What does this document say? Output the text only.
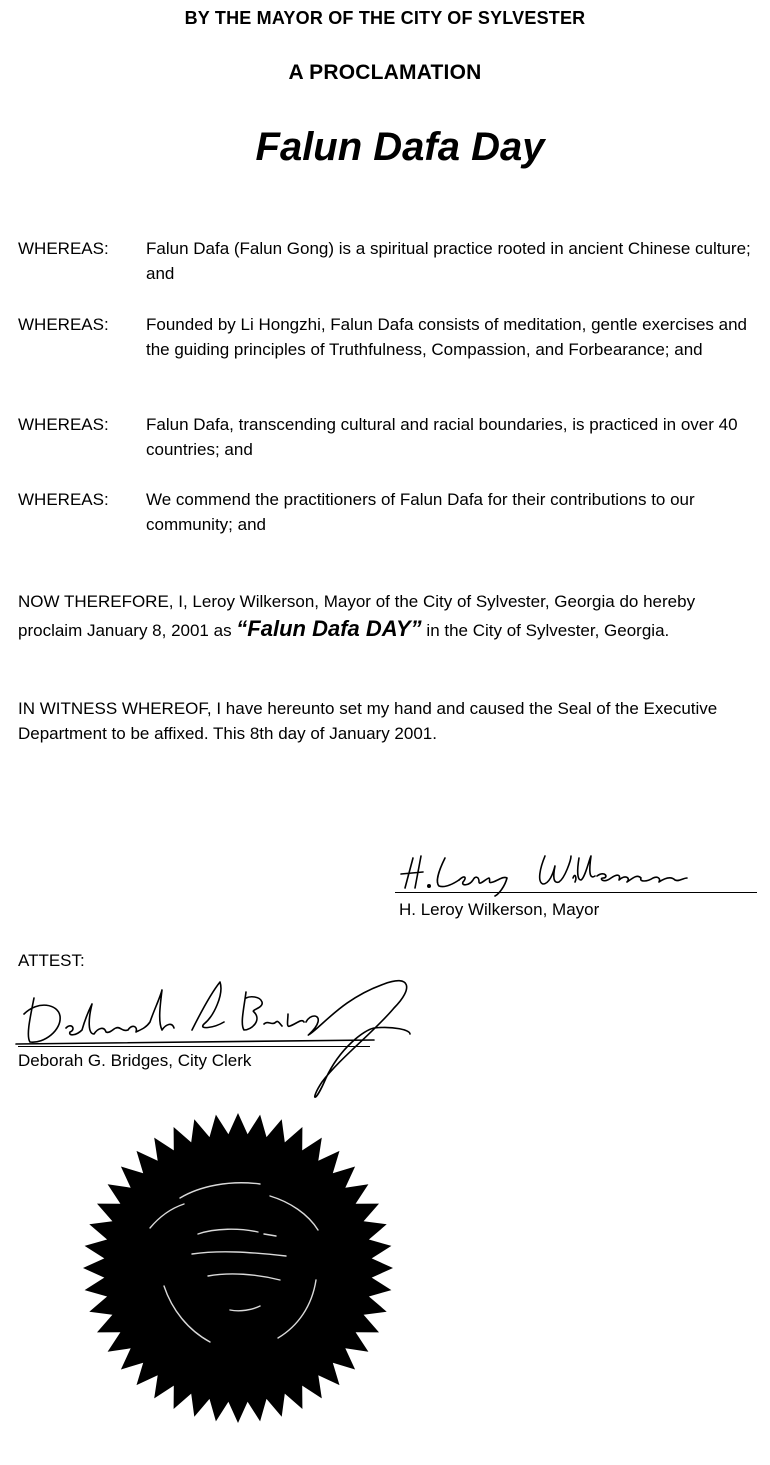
BY THE MAYOR OF THE CITY OF SYLVESTER
A PROCLAMATION
Falun Dafa Day
WHEREAS: Falun Dafa (Falun Gong) is a spiritual practice rooted in ancient Chinese culture; and
WHEREAS: Founded by Li Hongzhi, Falun Dafa consists of meditation, gentle exercises and the guiding principles of Truthfulness, Compassion, and Forbearance; and
WHEREAS: Falun Dafa, transcending cultural and racial boundaries, is practiced in over 40 countries; and
WHEREAS: We commend the practitioners of Falun Dafa for their contributions to our community; and
NOW THEREFORE, I, Leroy Wilkerson, Mayor of the City of Sylvester, Georgia do hereby proclaim January 8, 2001 as “Falun Dafa DAY” in the City of Sylvester, Georgia.
IN WITNESS WHEREOF, I have hereunto set my hand and caused the Seal of the Executive Department to be affixed. This 8th day of January 2001.
H. Leroy Wilkerson, Mayor
ATTEST:
Deborah G. Bridges, City Clerk
